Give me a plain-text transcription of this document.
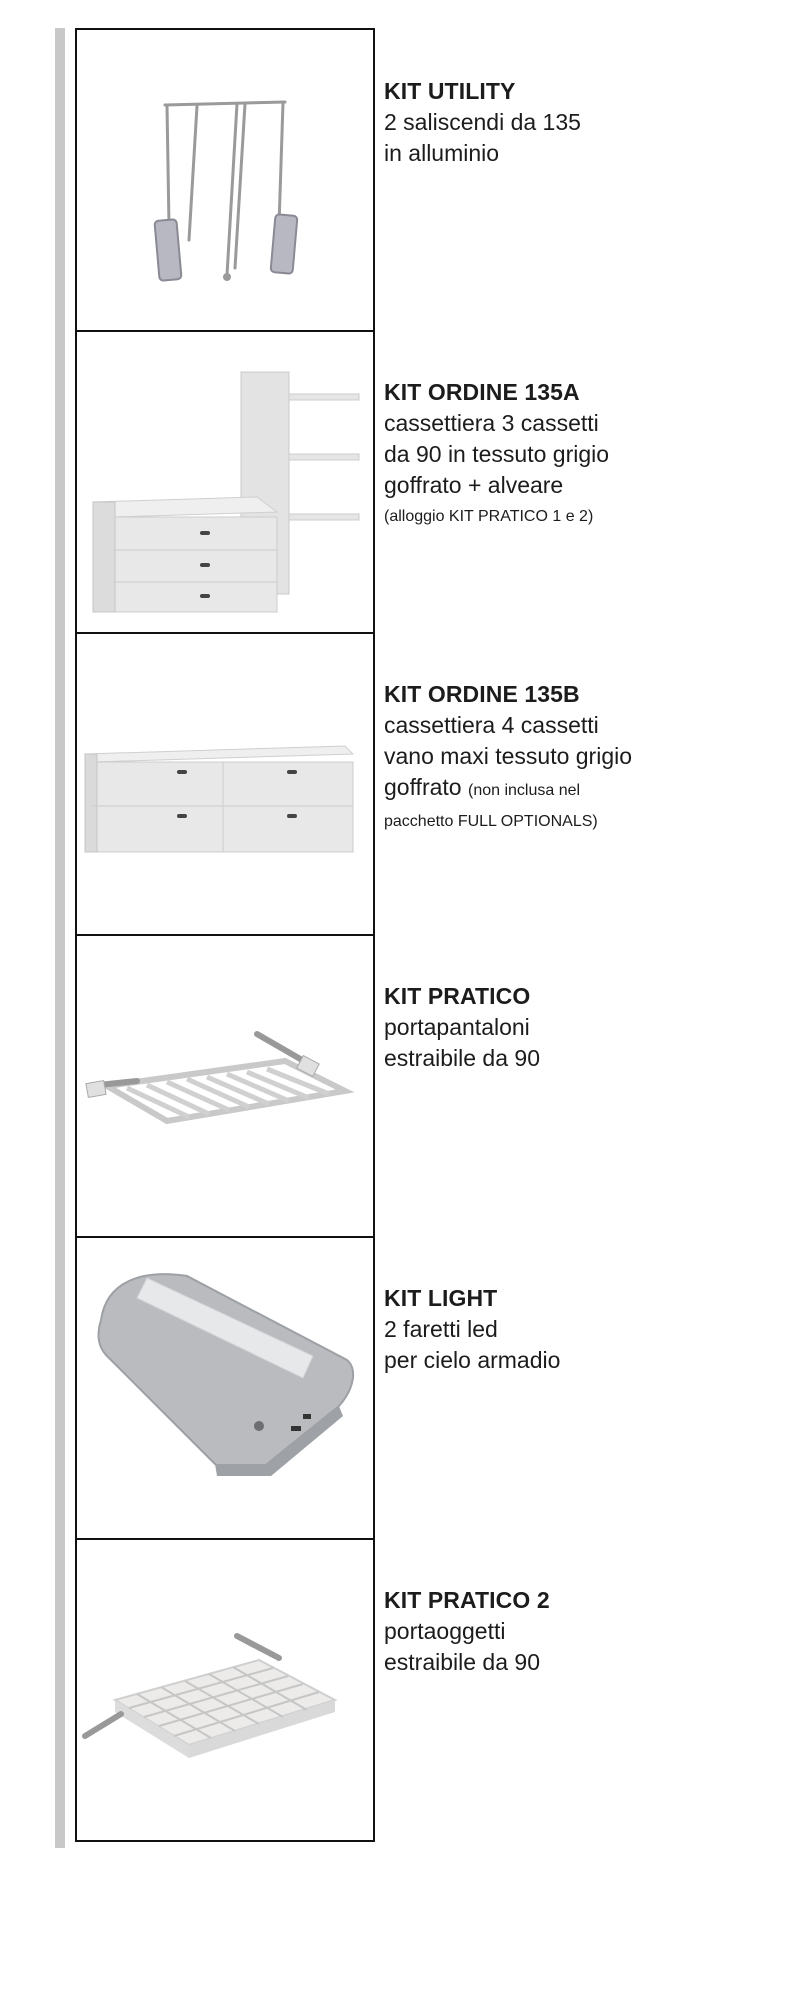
KIT UTILITY
2 saliscendi da 135
in alluminio
KIT ORDINE 135A
cassettiera 3 cassetti
da 90 in tessuto grigio
goffrato + alveare
(alloggio KIT PRATICO 1 e 2)
KIT ORDINE 135B
cassettiera 4 cassetti
vano maxi tessuto grigio
goffrato (non inclusa nel
pacchetto FULL OPTIONALS)
KIT PRATICO
portapantaloni
estraibile da 90
KIT LIGHT
2 faretti led
per cielo armadio
KIT PRATICO 2
portaoggetti
estraibile da 90
